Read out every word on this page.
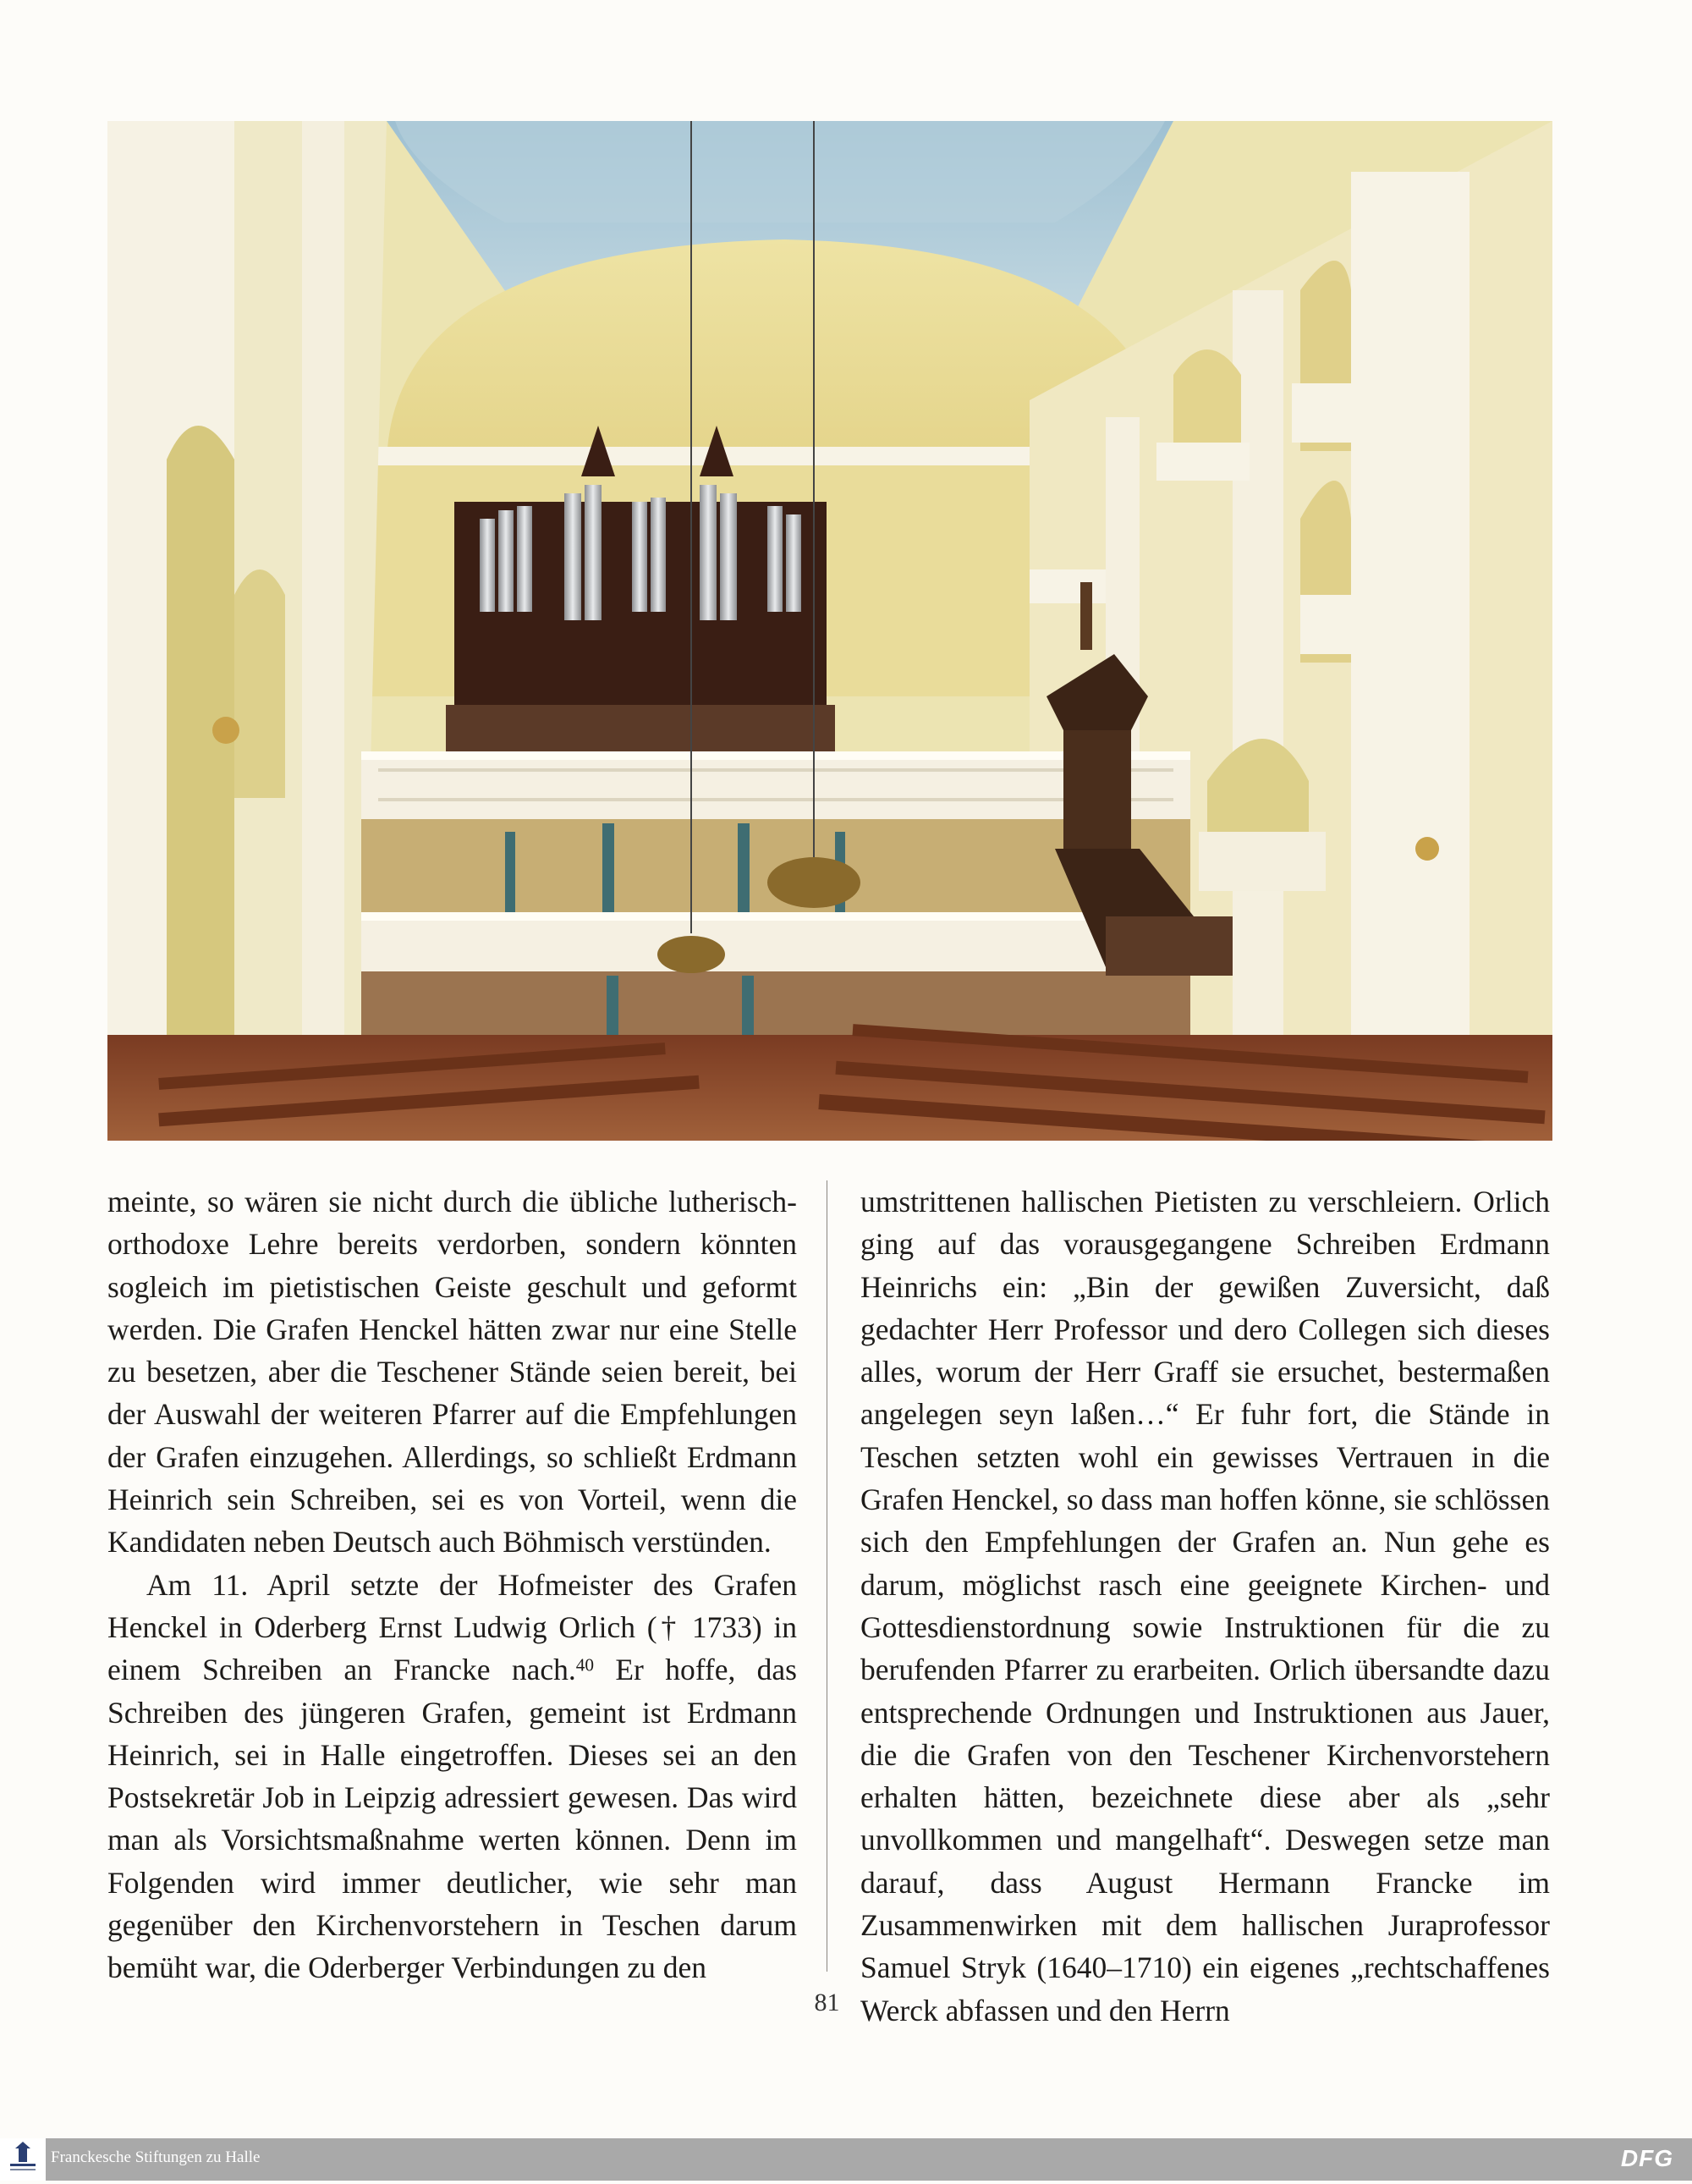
meinte, so wären sie nicht durch die übliche lutherisch-orthodoxe Lehre bereits verdorben, sondern könnten sogleich im pietistischen Geiste geschult und geformt werden. Die Grafen Henckel hätten zwar nur eine Stelle zu besetzen, aber die Teschener Stände seien bereit, bei der Auswahl der weiteren Pfarrer auf die Empfehlungen der Grafen einzugehen. Allerdings, so schließt Erdmann Heinrich sein Schreiben, sei es von Vorteil, wenn die Kandidaten neben Deutsch auch Böhmisch verstünden.

Am 11. April setzte der Hofmeister des Grafen Henckel in Oderberg Ernst Ludwig Orlich († 1733) in einem Schreiben an Francke nach.$^{40}$ Er hoffe, das Schreiben des jüngeren Grafen, gemeint ist Erdmann Heinrich, sei in Halle eingetroffen. Dieses sei an den Postsekretär Job in Leipzig adressiert gewesen. Das wird man als Vorsichtsmaßnahme werten können. Denn im Folgenden wird immer deutlicher, wie sehr man gegenüber den Kirchenvorstehern in Teschen darum bemüht war, die Oderberger Verbindungen zu den

umstrittenen hallischen Pietisten zu verschleiern. Orlich ging auf das vorausgegangene Schreiben Erdmann Heinrichs ein: „Bin der gewißen Zuversicht, daß gedachter Herr Professor und dero Collegen sich dieses alles, worum der Herr Graff sie ersuchet, bestermaßen angelegen seyn laßen…“ Er fuhr fort, die Stände in Teschen setzten wohl ein gewisses Vertrauen in die Grafen Henckel, so dass man hoffen könne, sie schlössen sich den Empfehlungen der Grafen an. Nun gehe es darum, möglichst rasch eine geeignete Kirchen- und Gottesdienstordnung sowie Instruktionen für die zu berufenden Pfarrer zu erarbeiten. Orlich übersandte dazu entsprechende Ordnungen und Instruktionen aus Jauer, die die Grafen von den Teschener Kirchenvorstehern erhalten hätten, bezeichnete diese aber als „sehr unvollkommen und mangelhaft“. Deswegen setze man darauf, dass August Hermann Francke im Zusammenwirken mit dem hallischen Juraprofessor Samuel Stryk (1640–1710) ein eigenes „rechtschaffenes Werck abfassen und den Herrn

81
Franckesche Stiftungen zu Halle	DFG
